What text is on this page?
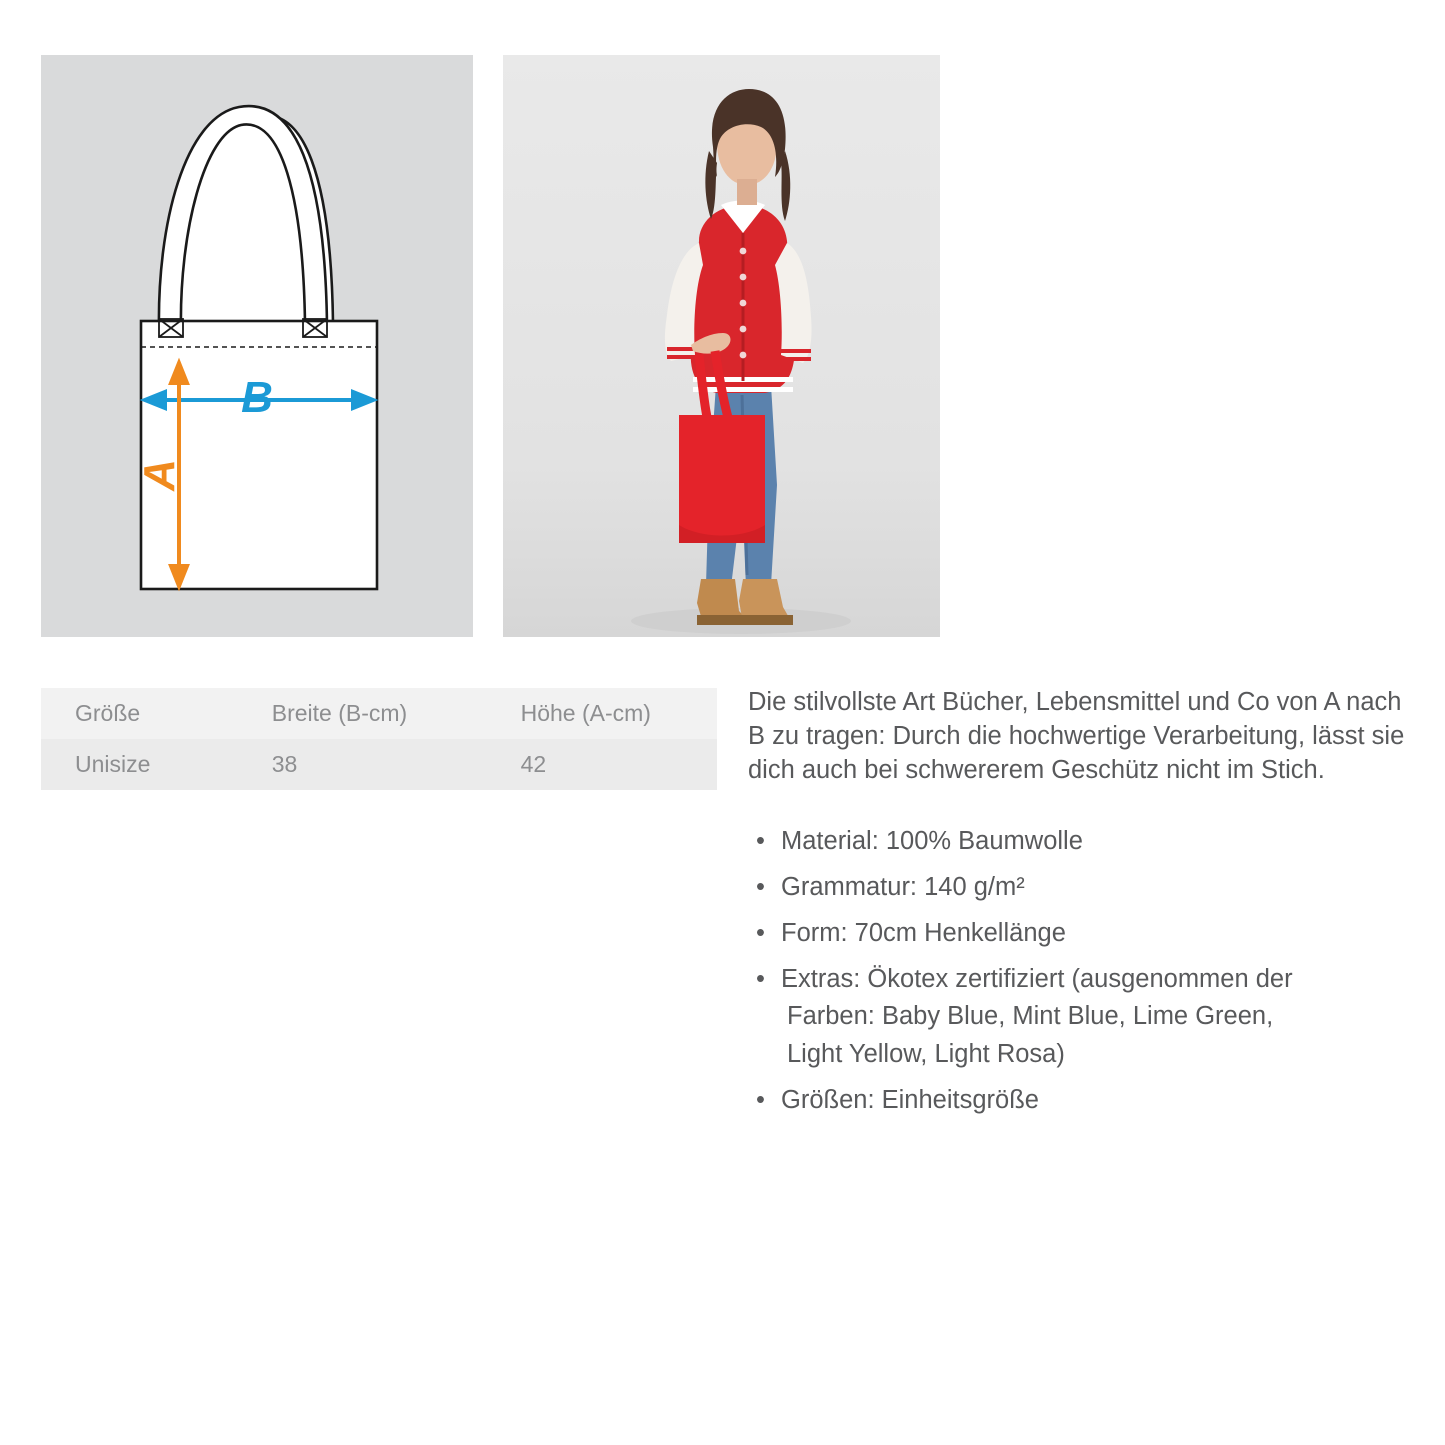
B
A
Größe	Breite (B-cm)	Höhe (A-cm)
Unisize	38	42

Die stilvollste Art Bücher, Lebensmittel und Co von A nach B zu tragen: Durch die hochwertige Verarbeitung, lässt sie dich auch bei schwererem Geschütz nicht im Stich.

• Material: 100% Baumwolle
• Grammatur: 140 g/m²
• Form: 70cm Henkellänge
• Extras: Ökotex zertifiziert (ausgenommen der
Farben: Baby Blue, Mint Blue, Lime Green,
Light Yellow, Light Rosa)
• Größen: Einheitsgröße
